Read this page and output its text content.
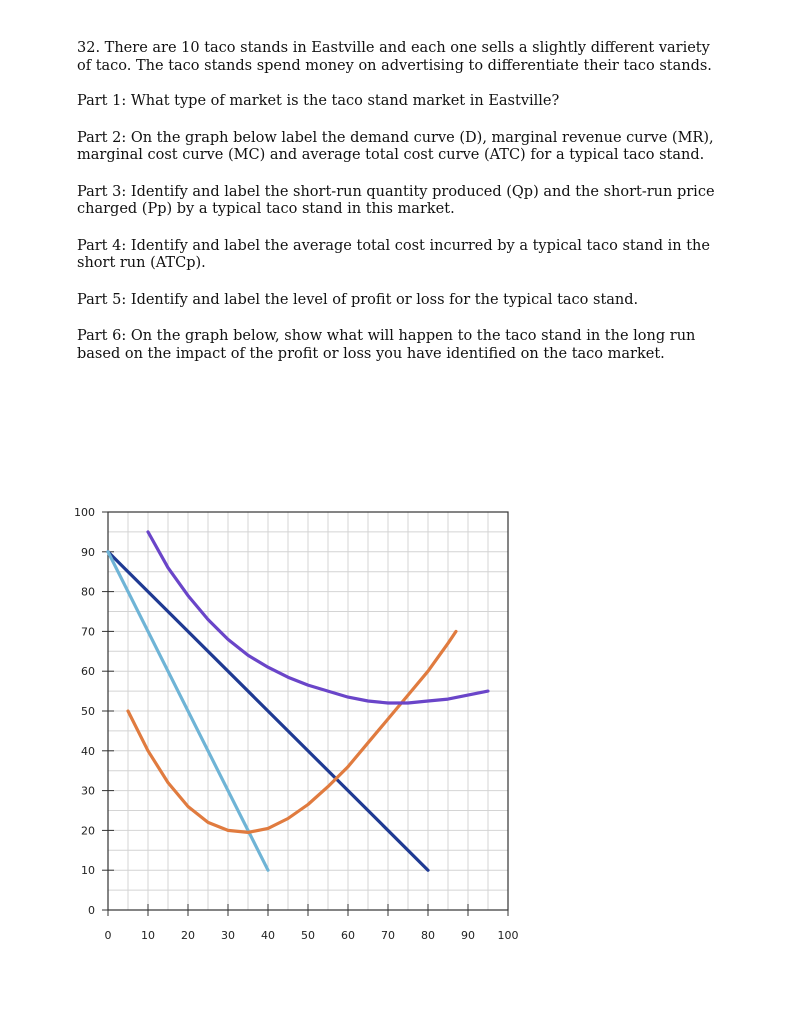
32. There are 10 taco stands in Eastville and each one sells a slightly different variety of taco. The taco stands spend money on advertising to differentiate their taco stands.

Part 1: What type of market is the taco stand market in Eastville?

Part 2: On the graph below label the demand curve (D), marginal revenue curve (MR), marginal cost curve (MC) and average total cost curve (ATC) for a typical taco stand.

Part 3: Identify and label the short-run quantity produced (Qp) and the short-run price charged (Pp) by a typical taco stand in this market.

Part 4: Identify and label the average total cost incurred by a typical taco stand in the short run (ATCp).

Part 5: Identify and label the level of profit or loss for the typical taco stand.

Part 6: On the graph below, show what will happen to the taco stand in the long run based on the impact of the profit or loss you have identified on the taco market.

0	10 20 30 40 50 60 70 80 90 100
0
10
20
30
40
50
60
70
80
90
100
